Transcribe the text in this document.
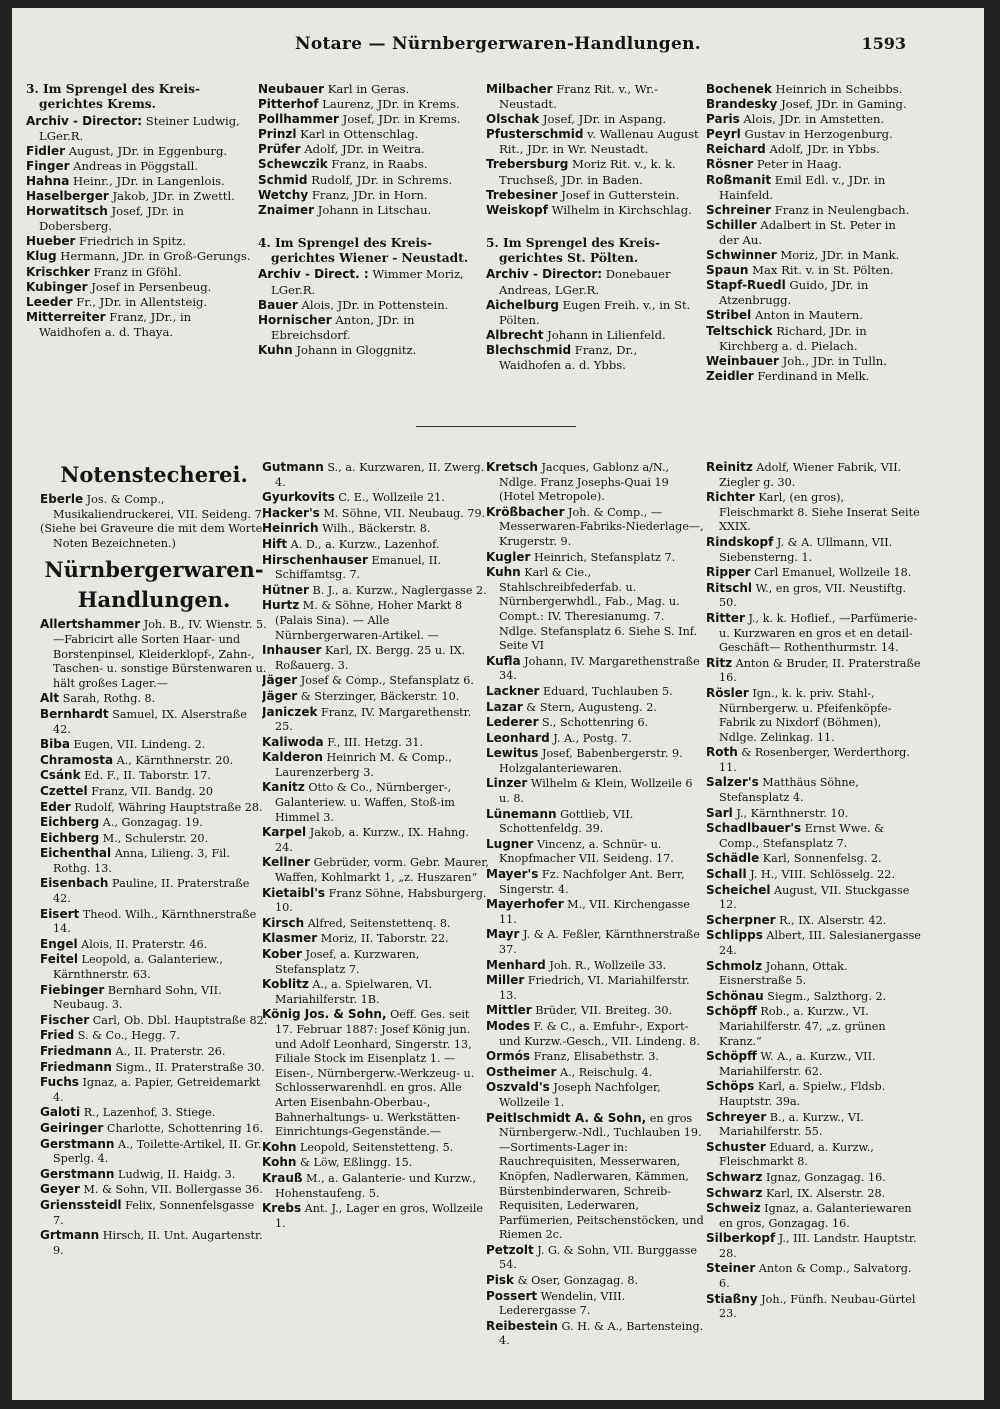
Notare — Nürnbergerwaren-Handlungen.	1593
3. Im Sprengel des Kreis-gerichtes Krems.
Archiv - Director: Steiner Ludwig, LGer.R.
Fidler August, JDr. in Eggenburg.
Finger Andreas in Pöggstall.
Hahna Heinr., JDr. in Langenlois.
Haselberger Jakob, JDr. in Zwettl.
Horwatitsch Josef, JDr. in Dobersberg.
Hueber Friedrich in Spitz.
Klug Hermann, JDr. in Groß-Gerungs.
Krischker Franz in Gföhl.
Kubinger Josef in Persenbeug.
Leeder Fr., JDr. in Allentsteig.
Mitterreiter Franz, JDr., in Waidhofen a. d. Thaya.
Neubauer Karl in Geras.
Pitterhof Laurenz, JDr. in Krems.
Pollhammer Josef, JDr. in Krems.
Prinzl Karl in Ottenschlag.
Prüfer Adolf, JDr. in Weitra.
Schewczik Franz, in Raabs.
Schmid Rudolf, JDr. in Schrems.
Wetchy Franz, JDr. in Horn.
Znaimer Johann in Litschau.
4. Im Sprengel des Kreis-gerichtes Wiener - Neustadt.
Archiv - Direct. : Wimmer Moriz, LGer.R.
Bauer Alois, JDr. in Pottenstein.
Hornischer Anton, JDr. in Ebreichsdorf.
Kuhn Johann in Gloggnitz.
Milbacher Franz Rit. v., Wr.-Neustadt.
Olschak Josef, JDr. in Aspang.
Pfusterschmid v. Wallenau August Rit., JDr. in Wr. Neustadt.
Trebersburg Moriz Rit. v., k. k. Truchseß, JDr. in Baden.
Trebesiner Josef in Gutterstein.
Weiskopf Wilhelm in Kirchschlag.
5. Im Sprengel des Kreis-gerichtes St. Pölten.
Archiv - Director: Donebauer Andreas, LGer.R.
Aichelburg Eugen Freih. v., in St. Pölten.
Albrecht Johann in Lilienfeld.
Blechschmid Franz, Dr., Waidhofen a. d. Ybbs.
Bochenek Heinrich in Scheibbs.
Brandesky Josef, JDr. in Gaming.
Paris Alois, JDr. in Amstetten.
Peyrl Gustav in Herzogenburg.
Reichard Adolf, JDr. in Ybbs.
Rösner Peter in Haag.
Roßmanit Emil Edl. v., JDr. in Hainfeld.
Schreiner Franz in Neulengbach.
Schiller Adalbert in St. Peter in der Au.
Schwinner Moriz, JDr. in Mank.
Spaun Max Rit. v. in St. Pölten.
Stapf-Ruedl Guido, JDr. in Atzenbrugg.
Stribel Anton in Mautern.
Teltschick Richard, JDr. in Kirchberg a. d. Pielach.
Weinbauer Joh., JDr. in Tulln.
Zeidler Ferdinand in Melk.
Notenstecherei.
Eberle Jos. & Comp., Musikaliendruckerei, VII. Seideng. 7.
(Siehe bei Graveure die mit dem Worte Noten Bezeichneten.)
Nürnbergerwaren-
Handlungen.
Allertshammer Joh. B., IV. Wienstr. 5. —Fabricirt alle Sorten Haar- und Borstenpinsel, Kleiderklopf-, Zahn-, Taschen- u. sonstige Bürstenwaren u. hält großes Lager.—
Alt Sarah, Rothg. 8.
Bernhardt Samuel, IX. Alserstraße 42.
Biba Eugen, VII. Lindeng. 2.
Chramosta A., Kärnthnerstr. 20.
Csánk Ed. F., II. Taborstr. 17.
Czettel Franz, VII. Bandg. 20
Eder Rudolf, Währing Hauptstraße 28.
Eichberg A., Gonzagag. 19.
Eichberg M., Schulerstr. 20.
Eichenthal Anna, Lilieng. 3, Fil. Rothg. 13.
Eisenbach Pauline, II. Praterstraße 42.
Eisert Theod. Wilh., Kärnthnerstraße 14.
Engel Alois, II. Praterstr. 46.
Feitel Leopold, a. Galanteriew., Kärnthnerstr. 63.
Fiebinger Bernhard Sohn, VII. Neubaug. 3.
Fischer Carl, Ob. Dbl. Hauptstraße 82.
Fried S. & Co., Hegg. 7.
Friedmann A., II. Praterstr. 26.
Friedmann Sigm., II. Praterstraße 30.
Fuchs Ignaz, a. Papier, Getreidemarkt 4.
Galoti R., Lazenhof, 3. Stiege.
Geiringer Charlotte, Schottenring 16.
Gerstmann A., Toilette-Artikel, II. Gr. Sperlg. 4.
Gerstmann Ludwig, II. Haidg. 3.
Geyer M. & Sohn, VII. Bollergasse 36.
Grienssteidl Felix, Sonnenfelsgasse 7.
Grtmann Hirsch, II. Unt. Augartenstr. 9.
Gutmann S., a. Kurzwaren, II. Zwerg. 4.
Gyurkovits C. E., Wollzeile 21.
Hacker's M. Söhne, VII. Neubaug. 79.
Heinrich Wilh., Bäckerstr. 8.
Hift A. D., a. Kurzw., Lazenhof.
Hirschenhauser Emanuel, II. Schiffamtsg. 7.
Hütner B. J., a. Kurzw., Naglergasse 2.
Hurtz M. & Söhne, Hoher Markt 8 (Palais Sina). — Alle Nürnbergerwaren-Artikel. —
Inhauser Karl, IX. Bergg. 25 u. IX. Roßauerg. 3.
Jäger Josef & Comp., Stefansplatz 6.
Jäger & Sterzinger, Bäckerstr. 10.
Janiczek Franz, IV. Margarethenstr. 25.
Kaliwoda F., III. Hetzg. 31.
Kalderon Heinrich M. & Comp., Laurenzerberg 3.
Kanitz Otto & Co., Nürnberger-, Galanteriew. u. Waffen, Stoß-im Himmel 3.
Karpel Jakob, a. Kurzw., IX. Hahng. 24.
Kellner Gebrüder, vorm. Gebr. Maurer, Waffen, Kohlmarkt 1, „z. Huszaren“
Kietaibl's Franz Söhne, Habsburgerg. 10.
Kirsch Alfred, Seitenstettenq. 8.
Klasmer Moriz, II. Taborstr. 22.
Kober Josef, a. Kurzwaren, Stefansplatz 7.
Koblitz A., a. Spielwaren, VI. Mariahilferstr. 1B.
König Jos. & Sohn, Oeff. Ges. seit 17. Februar 1887: Josef König jun. und Adolf Leonhard, Singerstr. 13, Filiale Stock im Eisenplatz 1. —Eisen-, Nürnbergerw.-Werkzeug- u. Schlosserwarenhdl. en gros. Alle Arten Eisenbahn-Oberbau-, Bahnerhaltungs- u. Werkstätten-Einrichtungs-Gegenstände.—
Kohn Leopold, Seitenstetteng. 5.
Kohn & Löw, Eßlingg. 15.
Krauß M., a. Galanterie- und Kurzw., Hohenstaufeng. 5.
Krebs Ant. J., Lager en gros, Wollzeile 1.
Kretsch Jacques, Gablonz a/N., Ndlge. Franz Josephs-Quai 19 (Hotel Metropole).
Krößbacher Joh. & Comp., —Messerwaren-Fabriks-Niederlage—, Krugerstr. 9.
Kugler Heinrich, Stefansplatz 7.
Kuhn Karl & Cie., Stahlschreibfederfab. u. Nürnbergerwhdl., Fab., Mag. u. Compt.: IV. Theresianumg. 7. Ndlge. Stefansplatz 6. Siehe S. Inf. Seite VI
Kufla Johann, IV. Margarethenstraße 34.
Lackner Eduard, Tuchlauben 5.
Lazar & Stern, Augusteng. 2.
Lederer S., Schottenring 6.
Leonhard J. A., Postg. 7.
Lewitus Josef, Babenbergerstr. 9. Holzgalanteriewaren.
Linzer Wilhelm & Klein, Wollzeile 6 u. 8.
Lünemann Gottlieb, VII. Schottenfeldg. 39.
Lugner Vincenz, a. Schnür- u. Knopfmacher VII. Seideng. 17.
Mayer's Fz. Nachfolger Ant. Berr, Singerstr. 4.
Mayerhofer M., VII. Kirchengasse 11.
Mayr J. & A. Feßler, Kärnthnerstraße 37.
Menhard Joh. R., Wollzeile 33.
Miller Friedrich, VI. Mariahilferstr. 13.
Mittler Brüder, VII. Breiteg. 30.
Modes F. & C., a. Emfuhr-, Export- und Kurzw.-Gesch., VII. Lindeng. 8.
Ormós Franz, Elisabethstr. 3.
Ostheimer A., Reischulg. 4.
Oszvald's Joseph Nachfolger, Wollzeile 1.
Peitlschmidt A. & Sohn, en gros Nürnbergerw.-Ndl., Tuchlauben 19. —Sortiments-Lager in: Rauchrequisiten, Messerwaren, Knöpfen, Nadlerwaren, Kämmen, Bürstenbinderwaren, Schreib-Requisiten, Lederwaren, Parfümerien, Peitschenstöcken, und Riemen 2c.
Petzolt J. G. & Sohn, VII. Burggasse 54.
Pisk & Oser, Gonzagag. 8.
Possert Wendelin, VIII. Lederergasse 7.
Reibestein G. H. & A., Bartensteing. 4.
Reinitz Adolf, Wiener Fabrik, VII. Ziegler g. 30.
Richter Karl, (en gros), Fleischmarkt 8. Siehe Inserat Seite XXIX.
Rindskopf J. & A. Ullmann, VII. Siebensterng. 1.
Ripper Carl Emanuel, Wollzeile 18.
Ritschl W., en gros, VII. Neustiftg. 50.
Ritter J., k. k. Hoflief., —Parfümerie- u. Kurzwaren en gros et en detail-Geschäft— Rothenthurmstr. 14.
Ritz Anton & Bruder, II. Praterstraße 16.
Rösler Ign., k. k. priv. Stahl-, Nürnbergerw. u. Pfeifenköpfe-Fabrik zu Nixdorf (Böhmen), Ndlge. Zelinkag. 11.
Roth & Rosenberger, Werderthorg. 11.
Salzer's Matthäus Söhne, Stefansplatz 4.
Sarl J., Kärnthnerstr. 10.
Schadlbauer's Ernst Wwe. & Comp., Stefansplatz 7.
Schädle Karl, Sonnenfelsg. 2.
Schall J. H., VIII. Schlösselg. 22.
Scheichel August, VII. Stuckgasse 12.
Scherpner R., IX. Alserstr. 42.
Schlipps Albert, III. Salesianergasse 24.
Schmolz Johann, Ottak. Eisnerstraße 5.
Schönau Siegm., Salzthorg. 2.
Schöpff Rob., a. Kurzw., VI. Mariahilferstr. 47, „z. grünen Kranz.“
Schöpff W. A., a. Kurzw., VII. Mariahilferstr. 62.
Schöps Karl, a. Spielw., Fldsb. Hauptstr. 39a.
Schreyer B., a. Kurzw., VI. Mariahilferstr. 55.
Schuster Eduard, a. Kurzw., Fleischmarkt 8.
Schwarz Ignaz, Gonzagag. 16.
Schwarz Karl, IX. Alserstr. 28.
Schweiz Ignaz, a. Galanteriewaren en gros, Gonzagag. 16.
Silberkopf J., III. Landstr. Hauptstr. 28.
Steiner Anton & Comp., Salvatorg. 6.
Stiaßny Joh., Fünfh. Neubau-Gürtel 23.
